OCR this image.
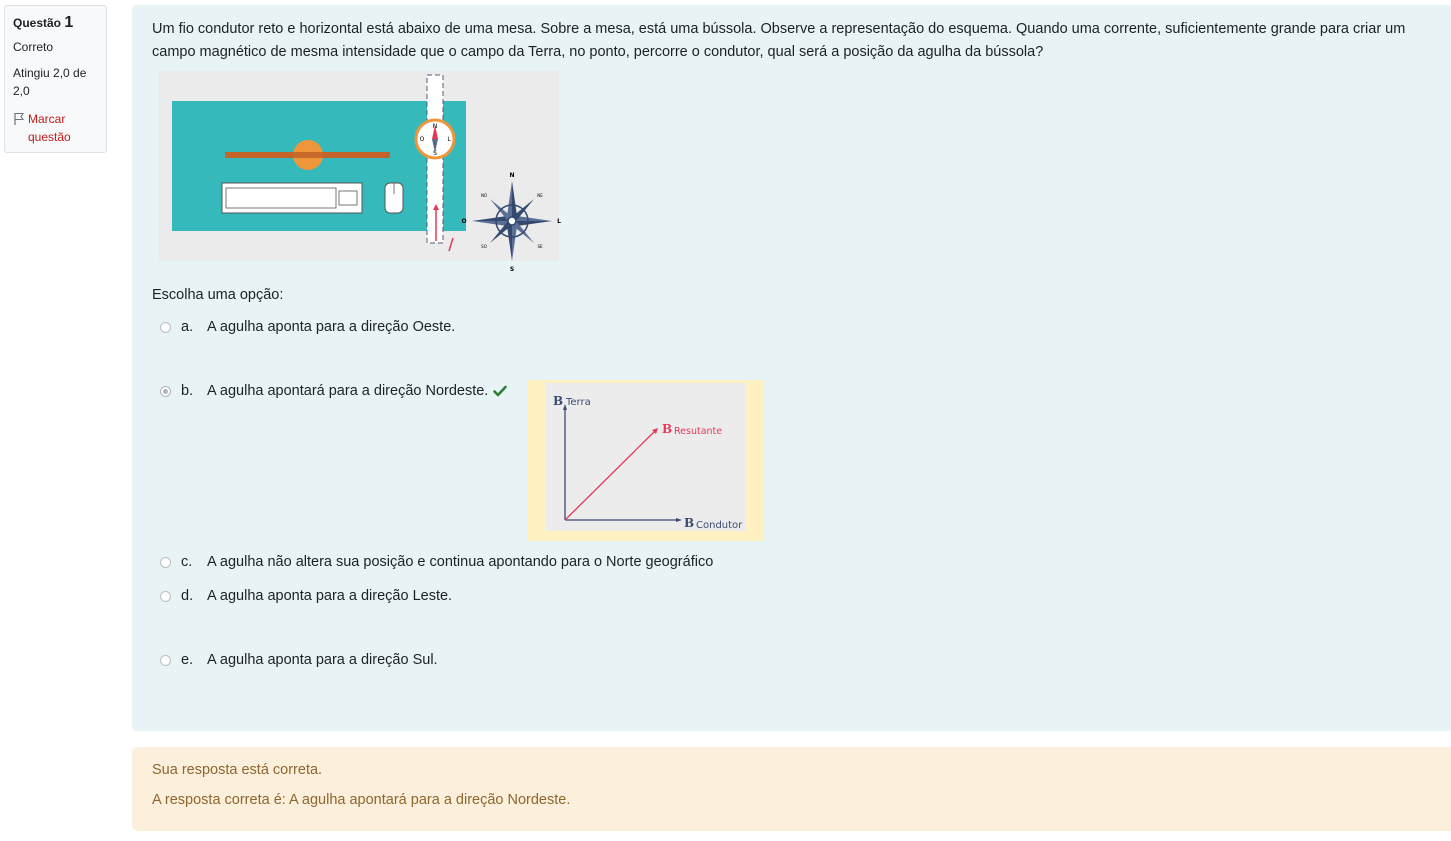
Questão 1
Correto
Atingiu 2,0 de 2,0
Marcar questão
Um fio condutor reto e horizontal está abaixo de uma mesa. Sobre a mesa, está uma bússola. Observe a representação do esquema. Quando uma corrente, suficientemente grande para criar um campo magnético de mesma intensidade que o campo da Terra, no ponto, percorre o condutor, qual será a posição da agulha da bússola?
N
S
O	L
N
S
O	L
NO	NE
SO	SE
Escolha uma opção:
a. A agulha aponta para a direção Oeste.
b. A agulha apontará para a direção Nordeste.
B Terra
B Resutante
B Condutor
c.	A agulha não altera sua posição e continua apontando para o Norte geográfico
d. A agulha aponta para a direção Leste.
e. A agulha aponta para a direção Sul.
Sua resposta está correta.
A resposta correta é: A agulha apontará para a direção Nordeste.
